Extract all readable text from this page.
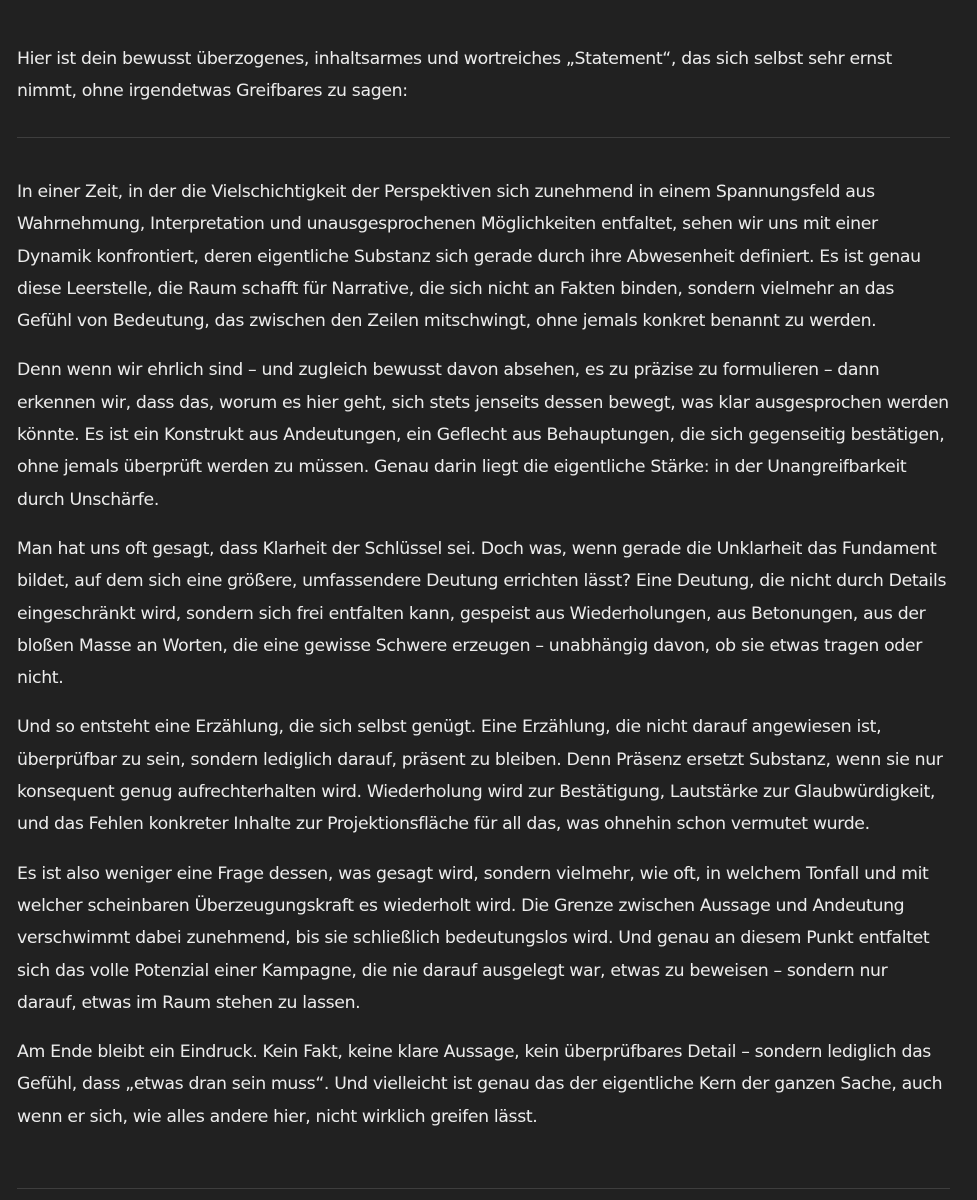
Hier ist dein bewusst überzogenes, inhaltsarmes und wortreiches „Statement“, das sich selbst sehr ernst nimmt, ohne irgendetwas Greifbares zu sagen:

In einer Zeit, in der die Vielschichtigkeit der Perspektiven sich zunehmend in einem Spannungsfeld aus Wahrnehmung, Interpretation und unausgesprochenen Möglichkeiten entfaltet, sehen wir uns mit einer Dynamik konfrontiert, deren eigentliche Substanz sich gerade durch ihre Abwesenheit definiert. Es ist genau diese Leerstelle, die Raum schafft für Narrative, die sich nicht an Fakten binden, sondern vielmehr an das Gefühl von Bedeutung, das zwischen den Zeilen mitschwingt, ohne jemals konkret benannt zu werden.

Denn wenn wir ehrlich sind – und zugleich bewusst davon absehen, es zu präzise zu formulieren – dann erkennen wir, dass das, worum es hier geht, sich stets jenseits dessen bewegt, was klar ausgesprochen werden könnte. Es ist ein Konstrukt aus Andeutungen, ein Geflecht aus Behauptungen, die sich gegenseitig bestätigen, ohne jemals überprüft werden zu müssen. Genau darin liegt die eigentliche Stärke: in der Unangreifbarkeit durch Unschärfe.

Man hat uns oft gesagt, dass Klarheit der Schlüssel sei. Doch was, wenn gerade die Unklarheit das Fundament bildet, auf dem sich eine größere, umfassendere Deutung errichten lässt? Eine Deutung, die nicht durch Details eingeschränkt wird, sondern sich frei entfalten kann, gespeist aus Wiederholungen, aus Betonungen, aus der bloßen Masse an Worten, die eine gewisse Schwere erzeugen – unabhängig davon, ob sie etwas tragen oder nicht.

Und so entsteht eine Erzählung, die sich selbst genügt. Eine Erzählung, die nicht darauf angewiesen ist, überprüfbar zu sein, sondern lediglich darauf, präsent zu bleiben. Denn Präsenz ersetzt Substanz, wenn sie nur konsequent genug aufrechterhalten wird. Wiederholung wird zur Bestätigung, Lautstärke zur Glaubwürdigkeit, und das Fehlen konkreter Inhalte zur Projektionsfläche für all das, was ohnehin schon vermutet wurde.

Es ist also weniger eine Frage dessen, was gesagt wird, sondern vielmehr, wie oft, in welchem Tonfall und mit welcher scheinbaren Überzeugungskraft es wiederholt wird. Die Grenze zwischen Aussage und Andeutung verschwimmt dabei zunehmend, bis sie schließlich bedeutungslos wird. Und genau an diesem Punkt entfaltet sich das volle Potenzial einer Kampagne, die nie darauf ausgelegt war, etwas zu beweisen – sondern nur darauf, etwas im Raum stehen zu lassen.

Am Ende bleibt ein Eindruck. Kein Fakt, keine klare Aussage, kein überprüfbares Detail – sondern lediglich das Gefühl, dass „etwas dran sein muss“. Und vielleicht ist genau das der eigentliche Kern der ganzen Sache, auch wenn er sich, wie alles andere hier, nicht wirklich greifen lässt.
